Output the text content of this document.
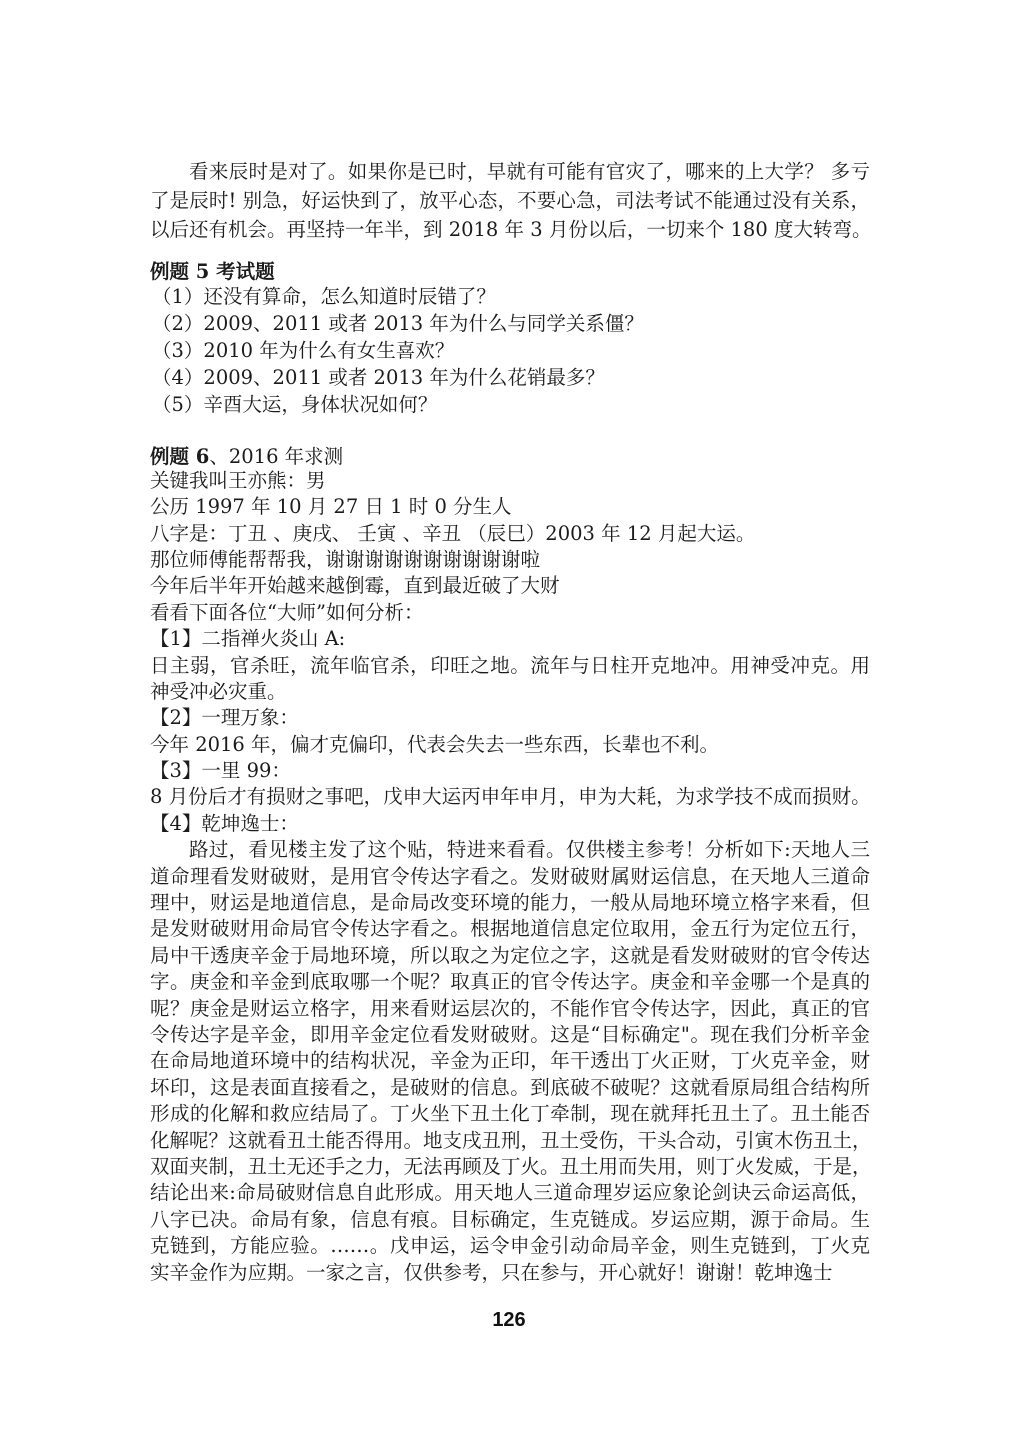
看来辰时是对了。如果你是已时，早就有可能有官灾了，哪来的上大学？ 多亏
了是辰时! 别急，好运快到了，放平心态，不要心急，司法考试不能通过没有关系，
以后还有机会。再坚持一年半，到 2018 年 3 月份以后，一切来个 180 度大转弯。
例题 5 考试题
（1）还没有算命，怎么知道时辰错了？
（2）2009、2011 或者 2013 年为什么与同学关系僵？
（3）2010 年为什么有女生喜欢？
（4）2009、2011 或者 2013 年为什么花销最多？
（5）辛酉大运，身体状况如何？
例题 6、2016 年求测
关键我叫王亦熊：男
公历 1997 年 10 月 27 日 1 时 0 分生人
八字是：丁丑 、庚戌、 壬寅 、辛丑 （辰巳）2003 年 12 月起大运。
那位师傅能帮帮我，谢谢谢谢谢谢谢谢谢谢啦
今年后半年开始越来越倒霉，直到最近破了大财
看看下面各位“大师”如何分析：
【1】二指禅火炎山 A:
日主弱，官杀旺，流年临官杀，印旺之地。流年与日柱开克地冲。用神受冲克。用
神受冲必灾重。
【2】一理万象：
今年 2016 年，偏才克偏印，代表会失去一些东西，长辈也不利。
【3】一里 99：
8 月份后才有损财之事吧，戊申大运丙申年申月，申为大耗，为求学技不成而损财。
【4】乾坤逸士：
路过，看见楼主发了这个贴，特进来看看。仅供楼主参考！分析如下:天地人三
道命理看发财破财，是用官令传达字看之。发财破财属财运信息，在天地人三道命
理中，财运是地道信息，是命局改变环境的能力，一般从局地环境立格字来看，但
是发财破财用命局官令传达字看之。根据地道信息定位取用，金五行为定位五行，
局中干透庚辛金于局地环境，所以取之为定位之字，这就是看发财破财的官令传达
字。庚金和辛金到底取哪一个呢？取真正的官令传达字。庚金和辛金哪一个是真的
呢？庚金是财运立格字，用来看财运层次的，不能作官令传达字，因此，真正的官
令传达字是辛金，即用辛金定位看发财破财。这是“目标确定"。现在我们分析辛金
在命局地道环境中的结构状况，辛金为正印，年干透出丁火正财，丁火克辛金，财
坏印，这是表面直接看之，是破财的信息。到底破不破呢？这就看原局组合结构所
形成的化解和救应结局了。丁火坐下丑土化丁牵制，现在就拜托丑土了。丑土能否
化解呢？这就看丑土能否得用。地支戌丑刑，丑土受伤，干头合动，引寅木伤丑土，
双面夹制，丑土无还手之力，无法再顾及丁火。丑土用而失用，则丁火发威，于是，
结论出来:命局破财信息自此形成。用天地人三道命理岁运应象论剑诀云命运高低，
八字已决。命局有象，信息有痕。目标确定，生克链成。岁运应期，源于命局。生
克链到，方能应验。……。戊申运，运令申金引动命局辛金，则生克链到，丁火克
实辛金作为应期。一家之言，仅供参考，只在参与，开心就好！谢谢！乾坤逸士
126
